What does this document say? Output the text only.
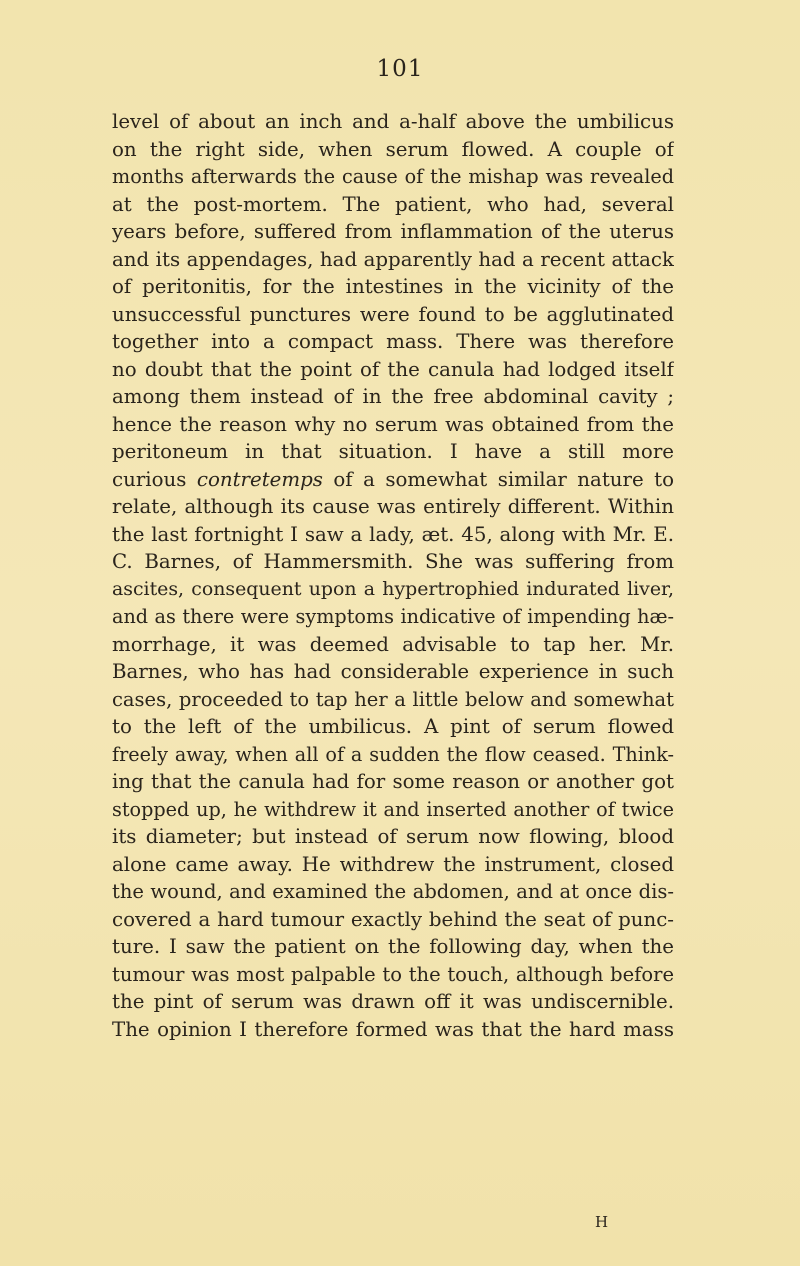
101
level of about an inch and a-half above the umbilicus
on the right side, when serum flowed. A couple of
months afterwards the cause of the mishap was revealed
at the post-mortem. The patient, who had, several
years before, suffered from inflammation of the uterus
and its appendages, had apparently had a recent attack
of peritonitis, for the intestines in the vicinity of the
unsuccessful punctures were found to be agglutinated
together into a compact mass. There was therefore
no doubt that the point of the canula had lodged itself
among them instead of in the free abdominal cavity ;
hence the reason why no serum was obtained from the
peritoneum in that situation. I have a still more
curious contretemps of a somewhat similar nature to
relate, although its cause was entirely different. Within
the last fortnight I saw a lady, æt. 45, along with Mr. E.
C. Barnes, of Hammersmith. She was suffering from
ascites, consequent upon a hypertrophied indurated liver,
and as there were symptoms indicative of impending hæ-
morrhage, it was deemed advisable to tap her. Mr.
Barnes, who has had considerable experience in such
cases, proceeded to tap her a little below and somewhat
to the left of the umbilicus. A pint of serum flowed
freely away, when all of a sudden the flow ceased. Think-
ing that the canula had for some reason or another got
stopped up, he withdrew it and inserted another of twice
its diameter; but instead of serum now flowing, blood
alone came away. He withdrew the instrument, closed
the wound, and examined the abdomen, and at once dis-
covered a hard tumour exactly behind the seat of punc-
ture. I saw the patient on the following day, when the
tumour was most palpable to the touch, although before
the pint of serum was drawn off it was undiscernible.
The opinion I therefore formed was that the hard mass
H
